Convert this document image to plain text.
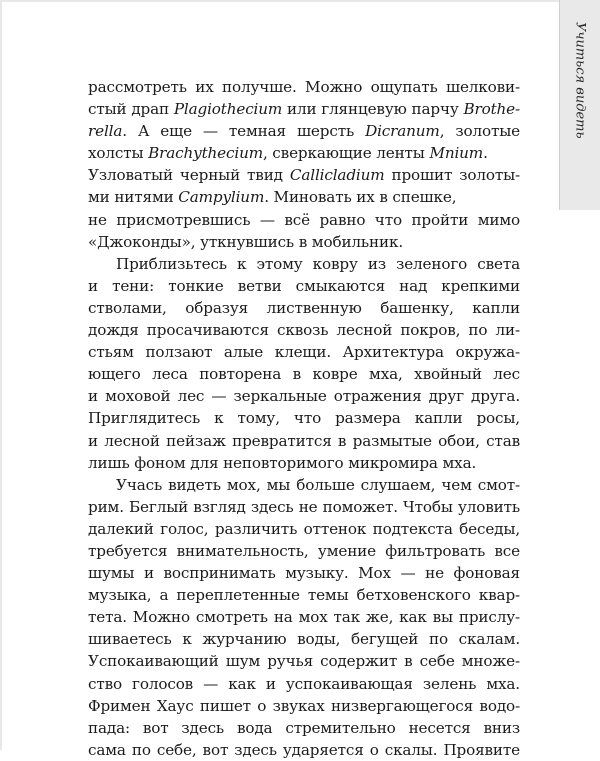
Учиться видеть
рассмотреть их получше. Можно ощупать шелкови-
стый драп Plagiothecium или глянцевую парчу Brothe-
rella. А еще — темная шерсть Dicranum, золотые
холсты Brachythecium, сверкающие ленты Mnium.
Узловатый черный твид Callicladium прошит золоты-
ми нитями Campylium. Миновать их в спешке,
не присмотревшись — всё равно что пройти мимо
«Джоконды», уткнувшись в мобильник.
Приблизьтесь к этому ковру из зеленого света
и тени: тонкие ветви смыкаются над крепкими
стволами, образуя лиственную башенку, капли
дождя просачиваются сквозь лесной покров, по ли-
стьям ползают алые клещи. Архитектура окружа-
ющего леса повторена в ковре мха, хвойный лес
и моховой лес — зеркальные отражения друг друга.
Приглядитесь к тому, что размера капли росы,
и лесной пейзаж превратится в размытые обои, став
лишь фоном для неповторимого микромира мха.
Учась видеть мох, мы больше слушаем, чем смот-
рим. Беглый взгляд здесь не поможет. Чтобы уловить
далекий голос, различить оттенок подтекста беседы,
требуется внимательность, умение фильтровать все
шумы и воспринимать музыку. Мох — не фоновая
музыка, а переплетенные темы бетховенского квар-
тета. Можно смотреть на мох так же, как вы прислу-
шиваетесь к журчанию воды, бегущей по скалам.
Успокаивающий шум ручья содержит в себе множе-
ство голосов — как и успокаивающая зелень мха.
Фримен Хаус пишет о звуках низвергающегося водо-
пада: вот здесь вода стремительно несется вниз
сама по себе, вот здесь ударяется о скалы. Проявите
